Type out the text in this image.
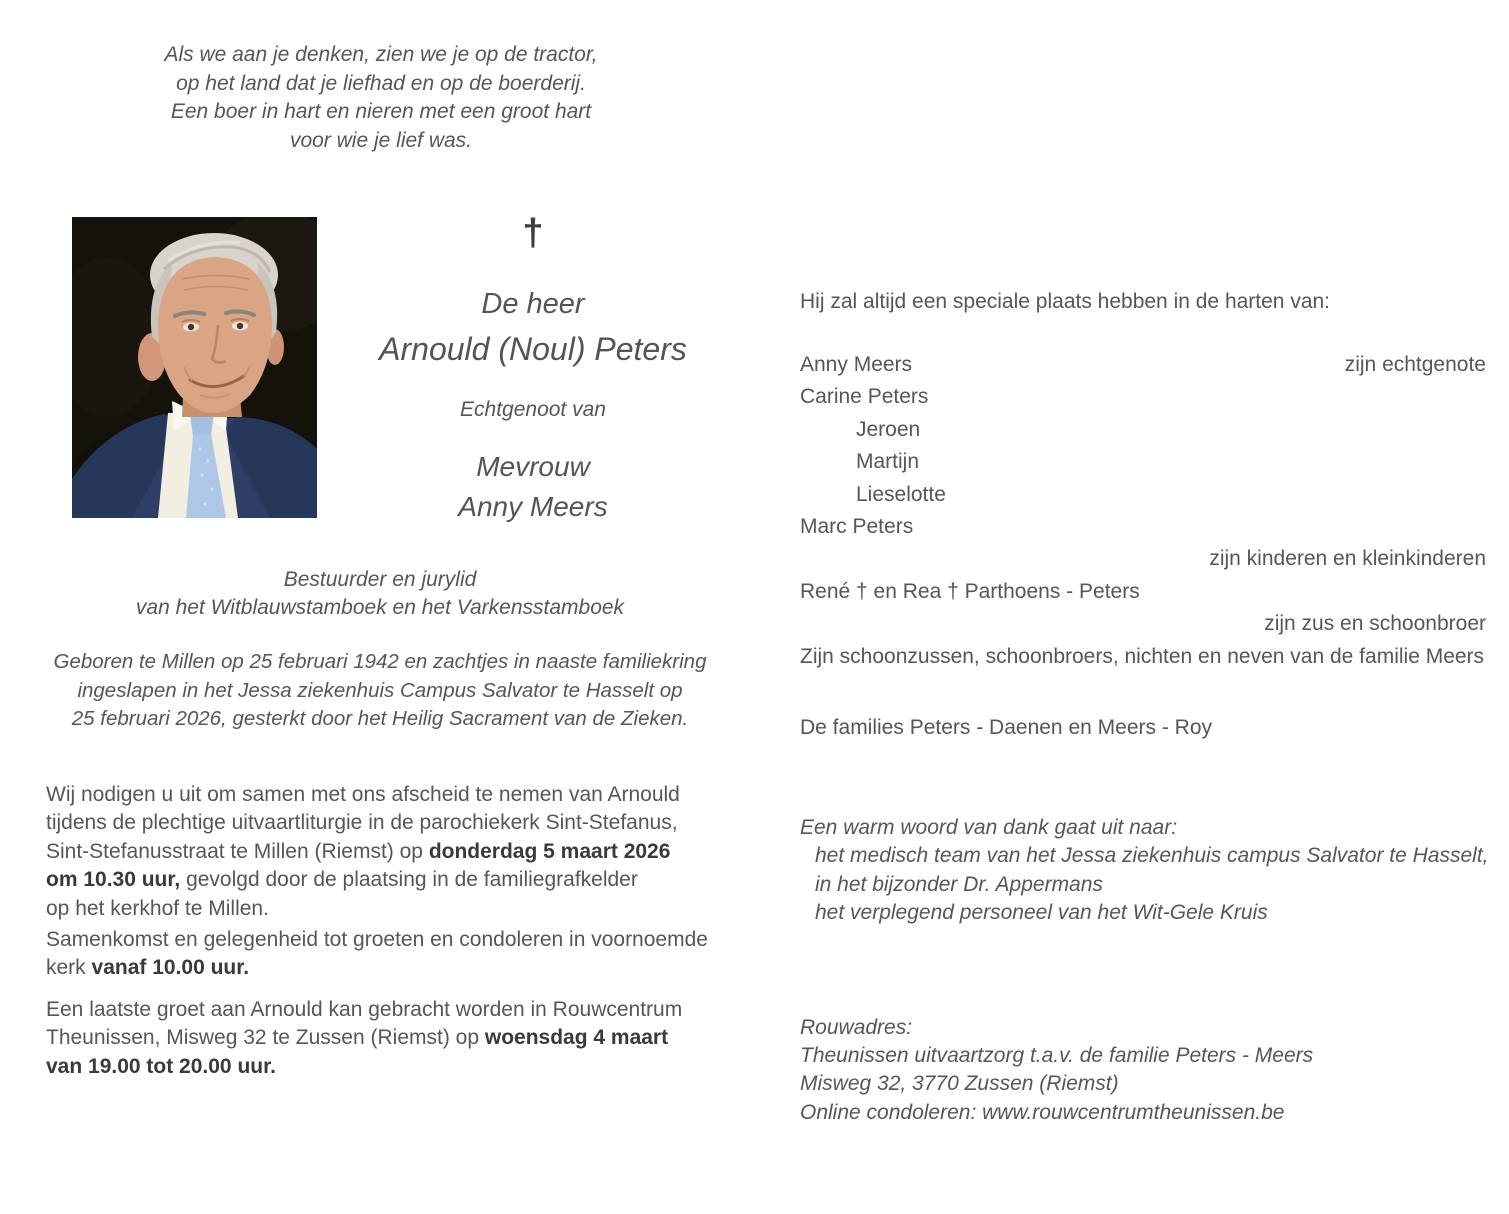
Als we aan je denken, zien we je op de tractor,
op het land dat je liefhad en op de boerderij.
Een boer in hart en nieren met een groot hart
voor wie je lief was.
†
De heer
Arnould (Noul) Peters
Echtgenoot van
Mevrouw
Anny Meers
Bestuurder en jurylid
van het Witblauwstamboek en het Varkensstamboek
Geboren te Millen op 25 februari 1942 en zachtjes in naaste familiekring
ingeslapen in het Jessa ziekenhuis Campus Salvator te Hasselt op
25 februari 2026, gesterkt door het Heilig Sacrament van de Zieken.
Wij nodigen u uit om samen met ons afscheid te nemen van Arnould
tijdens de plechtige uitvaartliturgie in de parochiekerk Sint-Stefanus,
Sint-Stefanusstraat te Millen (Riemst) op donderdag 5 maart 2026
om 10.30 uur, gevolgd door de plaatsing in de familiegrafkelder
op het kerkhof te Millen.
Samenkomst en gelegenheid tot groeten en condoleren in voornoemde
kerk vanaf 10.00 uur.
Een laatste groet aan Arnould kan gebracht worden in Rouwcentrum
Theunissen, Misweg 32 te Zussen (Riemst) op woensdag 4 maart
van 19.00 tot 20.00 uur.
Hij zal altijd een speciale plaats hebben in de harten van:
Anny Meers	zijn echtgenote
Carine Peters
Jeroen
Martijn
Lieselotte
Marc Peters
zijn kinderen en kleinkinderen
René † en Rea † Parthoens - Peters
zijn zus en schoonbroer
Zijn schoonzussen, schoonbroers, nichten en neven van de familie Meers
De families Peters - Daenen en Meers - Roy
Een warm woord van dank gaat uit naar:
het medisch team van het Jessa ziekenhuis campus Salvator te Hasselt,
in het bijzonder Dr. Appermans
het verplegend personeel van het Wit-Gele Kruis
Rouwadres:
Theunissen uitvaartzorg t.a.v. de familie Peters - Meers
Misweg 32, 3770 Zussen (Riemst)
Online condoleren: www.rouwcentrumtheunissen.be
